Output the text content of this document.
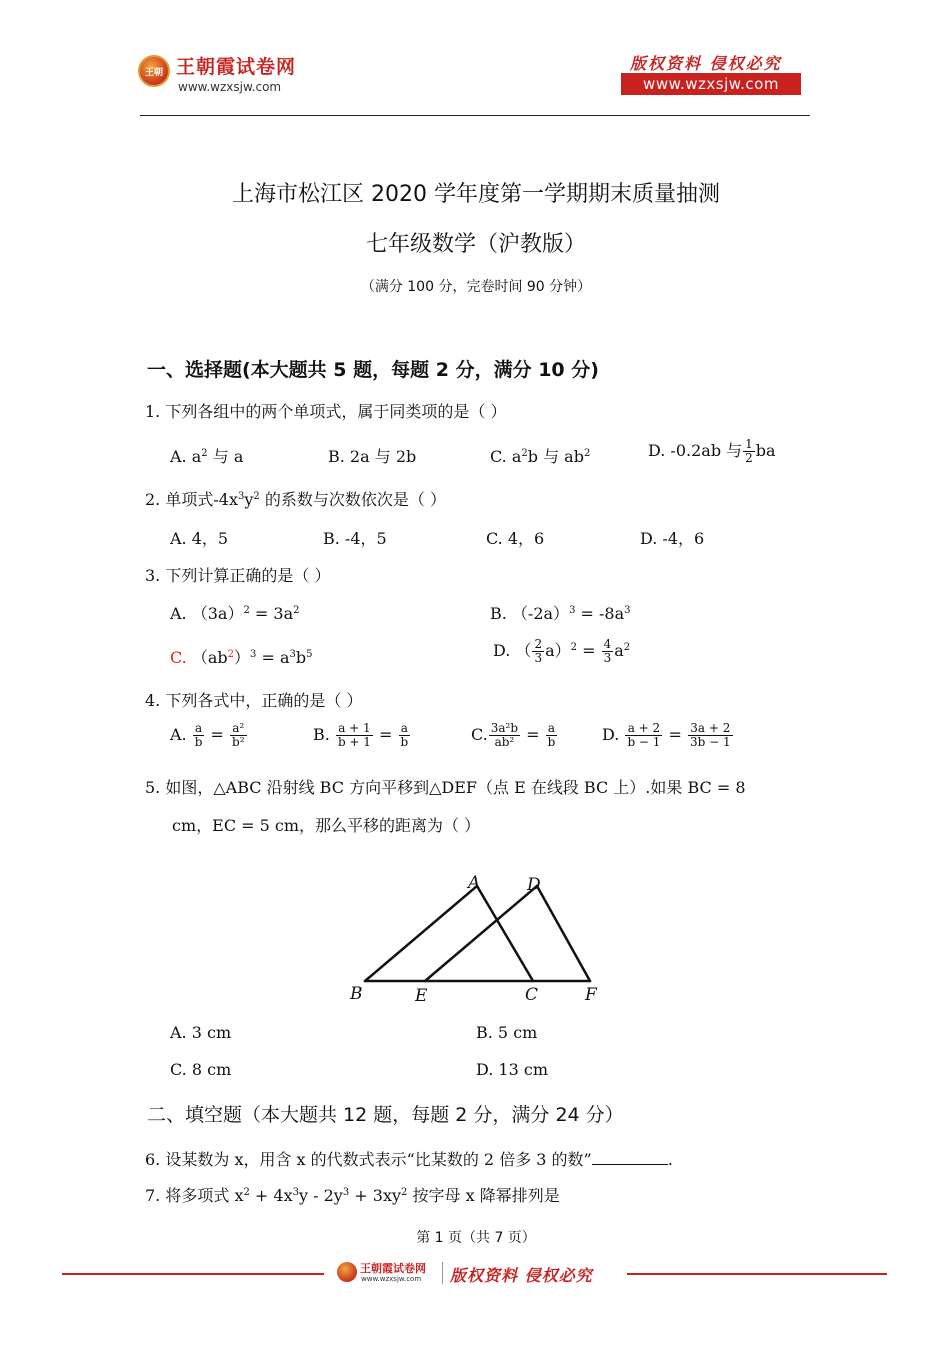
王朝 王朝霞试卷网
www.wzxsjw.com
版权资料 侵权必究
www.wzxsjw.com
上海市松江区 2020 学年度第一学期期末质量抽测
七年级数学（沪教版）
（满分 100 分，完卷时间 90 分钟）
一、选择题(本大题共 5 题，每题 2 分，满分 10 分)
1. 下列各组中的两个单项式，属于同类项的是（ ）
A. $a^2$ 与 a	B. 2a 与 2b	C. $a^2b$ 与 $ab^2$	D. -0.2ab 与 $\frac{1}{2}$ ba
2. 单项式$-4x^3y^2$ 的系数与次数依次是（ ）
A. 4，5	B. -4，5	C. 4，6	D. -4，6
3. 下列计算正确的是（ ）
A. $(3a)^2 = 3a^2$	B. $(-2a)^3 = -8a^3$
C. $(ab^2)^3 = a^3b^5$	D. （ $\frac{2}{3} a)^2 = \frac{4}{3} a^2$
4. 下列各式中，正确的是（ ）
A. $\frac{a}{b} = \frac{\text{a²}}{\text{b²}}$	B. $\frac{a + 1}{b + 1} = \frac{a}{b}$	C. $\frac{\text{3a²b}}{\text{ab²}} = \frac{a}{b}$	D. $\frac{a + 2}{b - 1} = \frac{3a + 2}{3b - 1}$
5. 如图，△ABC 沿射线 BC 方向平移到△DEF（点 E 在线段 BC 上）.如果 BC = 8
cm，EC = 5 cm，那么平移的距离为（ ）
A	D
B	E	C	F
A. 3 cm	B. 5 cm
C. 8 cm	D. 13 cm
二、填空题（本大题共 12 题，每题 2 分，满分 24 分）
6. 设某数为 x，用含 x 的代数式表示“比某数的 2 倍多 3 的数”	.
7. 将多项式 $x^2 + 4x^3y - 2y^3 + 3xy^2$ 按字母 x 降幂排列是
第 1 页（共 7 页）
王朝霞试卷网
www.wzxsjw.com 版权资料 侵权必究
